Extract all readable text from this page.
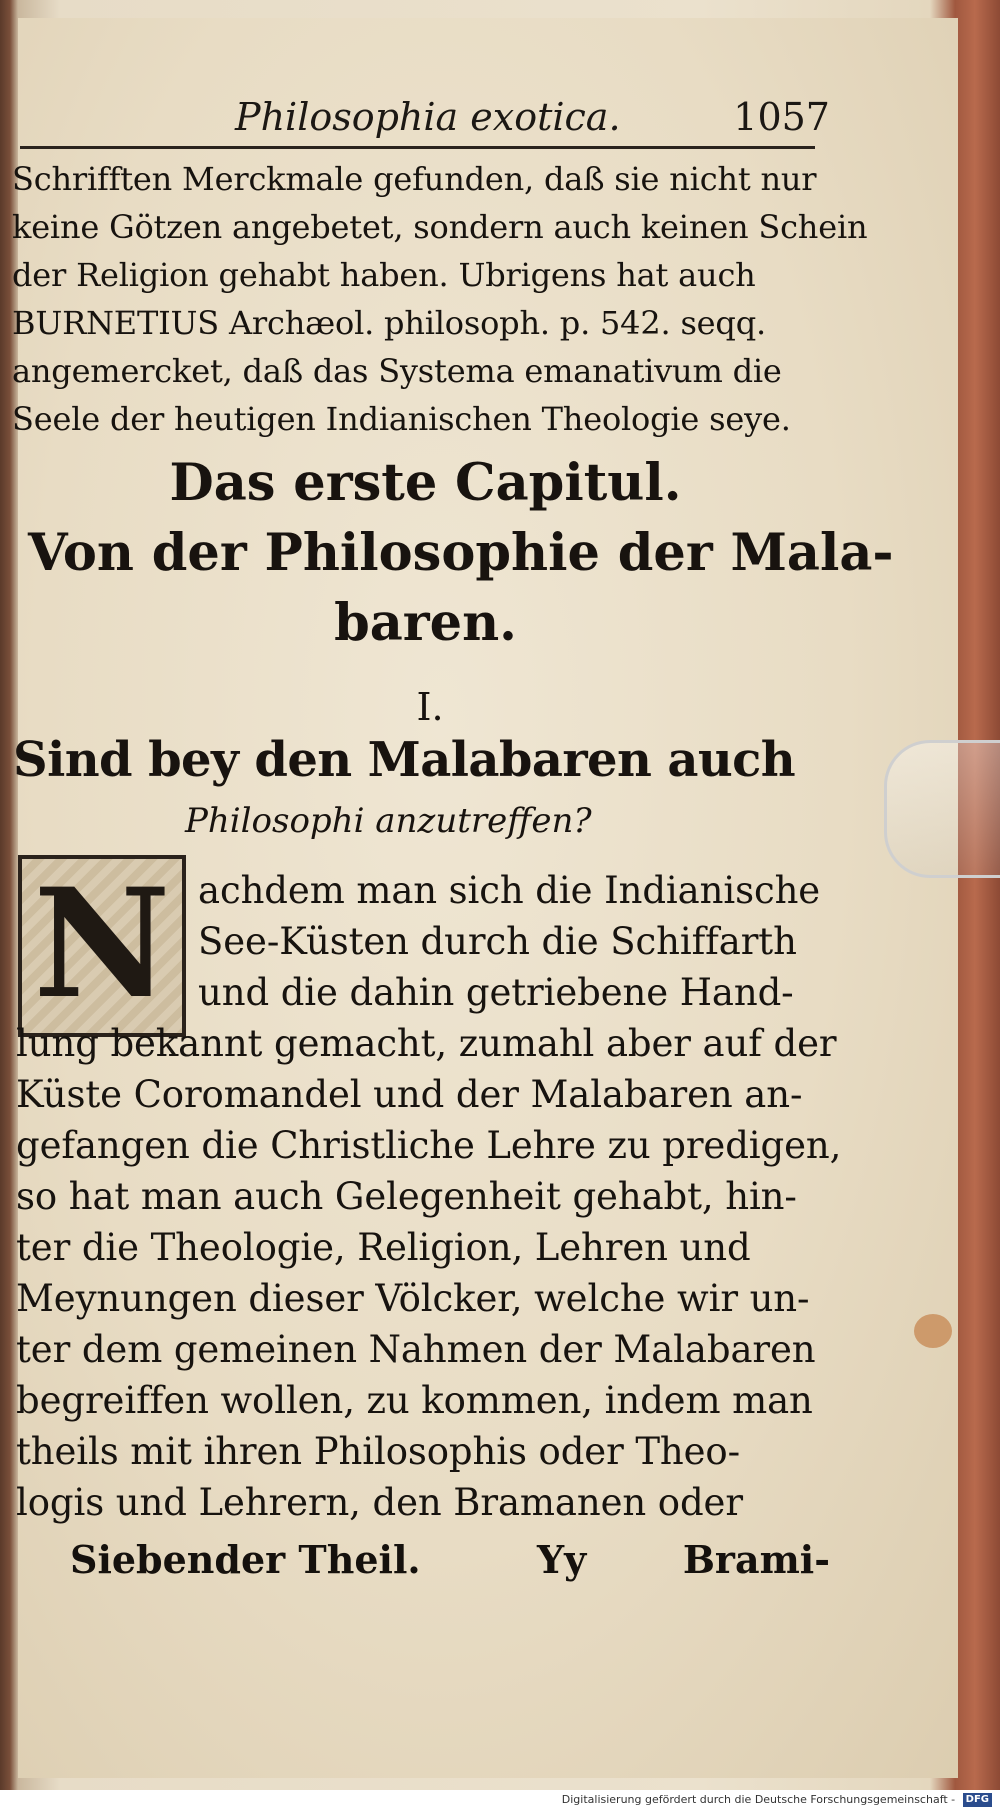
Philosophia exotica.	1057
Schrifften Merckmale gefunden, daß sie nicht nur
keine Götzen angebetet, sondern auch keinen Schein
der Religion gehabt haben. Ubrigens hat auch
BURNETIUS Archæol. philosoph. p. 542. seqq.
angemercket, daß das Systema emanativum die
Seele der heutigen Indianischen Theologie seye.
Das erste Capitul.
Von der Philosophie der Mala-
baren.
I.
Sind bey den Malabaren auch
Philosophi anzutreffen?
N achdem man sich die Indianische
See-Küsten durch die Schiffarth
und die dahin getriebene Hand-
lung bekannt gemacht, zumahl aber auf der
Küste Coromandel und der Malabaren an-
gefangen die Christliche Lehre zu predigen,
so hat man auch Gelegenheit gehabt, hin-
ter die Theologie, Religion, Lehren und
Meynungen dieser Völcker, welche wir un-
ter dem gemeinen Nahmen der Malabaren
begreiffen wollen, zu kommen, indem man
theils mit ihren Philosophis oder Theo-
logis und Lehrern, den Bramanen oder
Siebender Theil.	Yy	Brami-
Digitalisierung gefördert durch die Deutsche Forschungsgemeinschaft - DFG
